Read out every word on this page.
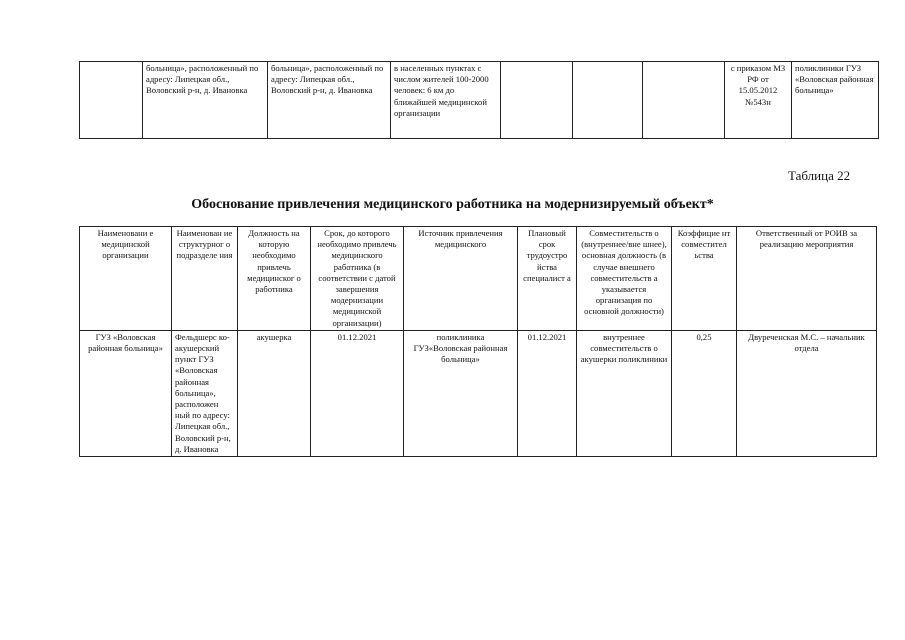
	больница», расположенный по адресу: Липецкая обл., Воловский р-н, д. Ивановка	больница», расположенный по адресу: Липецкая обл., Воловский р-н, д. Ивановка	в населенных пунктах с числом жителей 100-2000 человек: 6 км до ближайшей медицинской организации				с приказом МЗ РФ от 15.05.2012 №543н	поликлиники ГУЗ «Воловская районная больница»
Таблица 22
Обоснование привлечения медицинского работника на модернизируемый объект*
Наименовани е медицинской организации	Наименован ие структурног о подразделе ния	Должность на которую необходимо привлечь медицинског о работника	Срок, до которого необходимо привлечь медицинского работника (в соответствии с датой завершения модернизации медицинской организации)	Источник привлечения медицинского	Плановый срок трудоустро йства специалист а	Совместительств о (внутреннее/вне шнее), основная должность (в случае внешнего совместительств а указывается организация по основной должности)	Коэффицие нт совместител ьства	Ответственный от РОИВ за реализацию мероприятия
ГУЗ «Воловская районная больница»	Фельдшерс ко-акушерский пункт ГУЗ «Воловская районная больница», расположен ный по адресу: Липецкая обл., Воловский р-н, д. Ивановка	акушерка	01.12.2021	поликлиника ГУЗ«Воловская районная больница»	01.12.2021	внутреннее совместительств о акушерки поликлиники	0,25	Двуреченская М.С. – начальник отдела
